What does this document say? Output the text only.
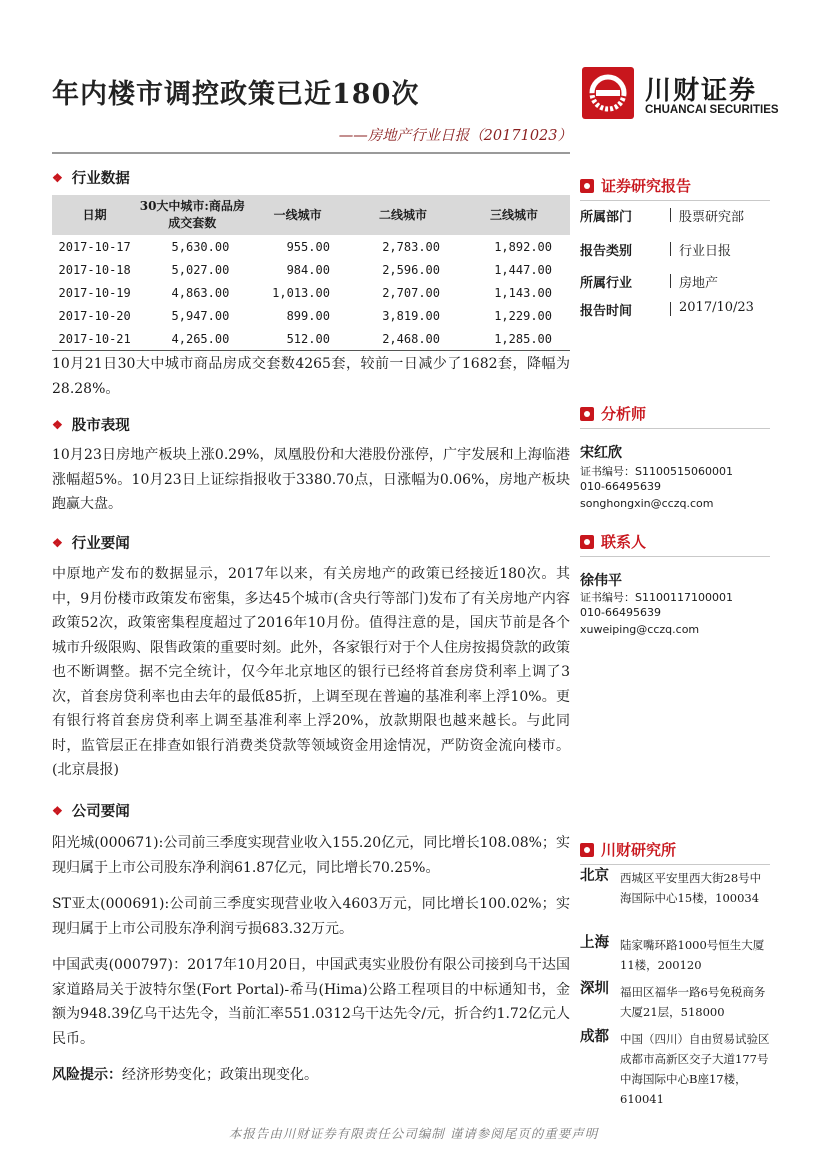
年内楼市调控政策已近180次
——房地产行业日报（20171023）
川财证券
CHUANCAI SECURITIES
❖ 行业数据
日期	30大中城市:商品房成交套数	一线城市	二线城市	三线城市
2017-10-17	5,630.00	955.00	2,783.00	1,892.00
2017-10-18	5,027.00	984.00	2,596.00	1,447.00
2017-10-19	4,863.00	1,013.00	2,707.00	1,143.00
2017-10-20	5,947.00	899.00	3,819.00	1,229.00
2017-10-21	4,265.00	512.00	2,468.00	1,285.00

10月21日30大中城市商品房成交套数4265套，较前一日减少了1682套，降幅为28.28%。

❖ 股市表现

10月23日房地产板块上涨0.29%，凤凰股份和大港股份涨停，广宇发展和上海临港涨幅超5%。10月23日上证综指报收于3380.70点，日涨幅为0.06%，房地产板块跑赢大盘。

❖ 行业要闻

中原地产发布的数据显示，2017年以来，有关房地产的政策已经接近180次。其中，9月份楼市政策发布密集，多达45个城市(含央行等部门)发布了有关房地产内容政策52次，政策密集程度超过了2016年10月份。值得注意的是，国庆节前是各个城市升级限购、限售政策的重要时刻。此外，各家银行对于个人住房按揭贷款的政策也不断调整。据不完全统计，仅今年北京地区的银行已经将首套房贷利率上调了3次，首套房贷利率也由去年的最低85折，上调至现在普遍的基准利率上浮10%。更有银行将首套房贷利率上调至基准利率上浮20%，放款期限也越来越长。与此同时，监管层正在排查如银行消费类贷款等领域资金用途情况，严防资金流向楼市。(北京晨报)

❖ 公司要闻

阳光城(000671):公司前三季度实现营业收入155.20亿元，同比增长108.08%；实现归属于上市公司股东净利润61.87亿元，同比增长70.25%。

ST亚太(000691):公司前三季度实现营业收入4603万元，同比增长100.02%；实现归属于上市公司股东净利润亏损683.32万元。

中国武夷(000797)：2017年10月20日，中国武夷实业股份有限公司接到乌干达国家道路局关于波特尔堡(Fort Portal)-希马(Hima)公路工程项目的中标通知书，金额为948.39亿乌干达先令，当前汇率551.0312乌干达先令/元，折合约1.72亿元人民币。

风险提示：经济形势变化；政策出现变化。

证券研究报告
所属部门	股票研究部
报告类别	行业日报
所属行业	房地产
报告时间	2017/10/23
分析师
宋红欣
证书编号：S1100515060001
010-66495639
songhongxin@cczq.com
联系人
徐伟平
证书编号：S1100117100001
010-66495639
xuweiping@cczq.com
川财研究所
北京 西城区平安里西大街28号中海国际中心15楼，100034
上海 陆家嘴环路1000号恒生大厦11楼，200120
深圳 福田区福华一路6号免税商务大厦21层，518000
成都 中国（四川）自由贸易试验区成都市高新区交子大道177号中海国际中心B座17楼，610041
本报告由川财证券有限责任公司编制 谨请参阅尾页的重要声明
